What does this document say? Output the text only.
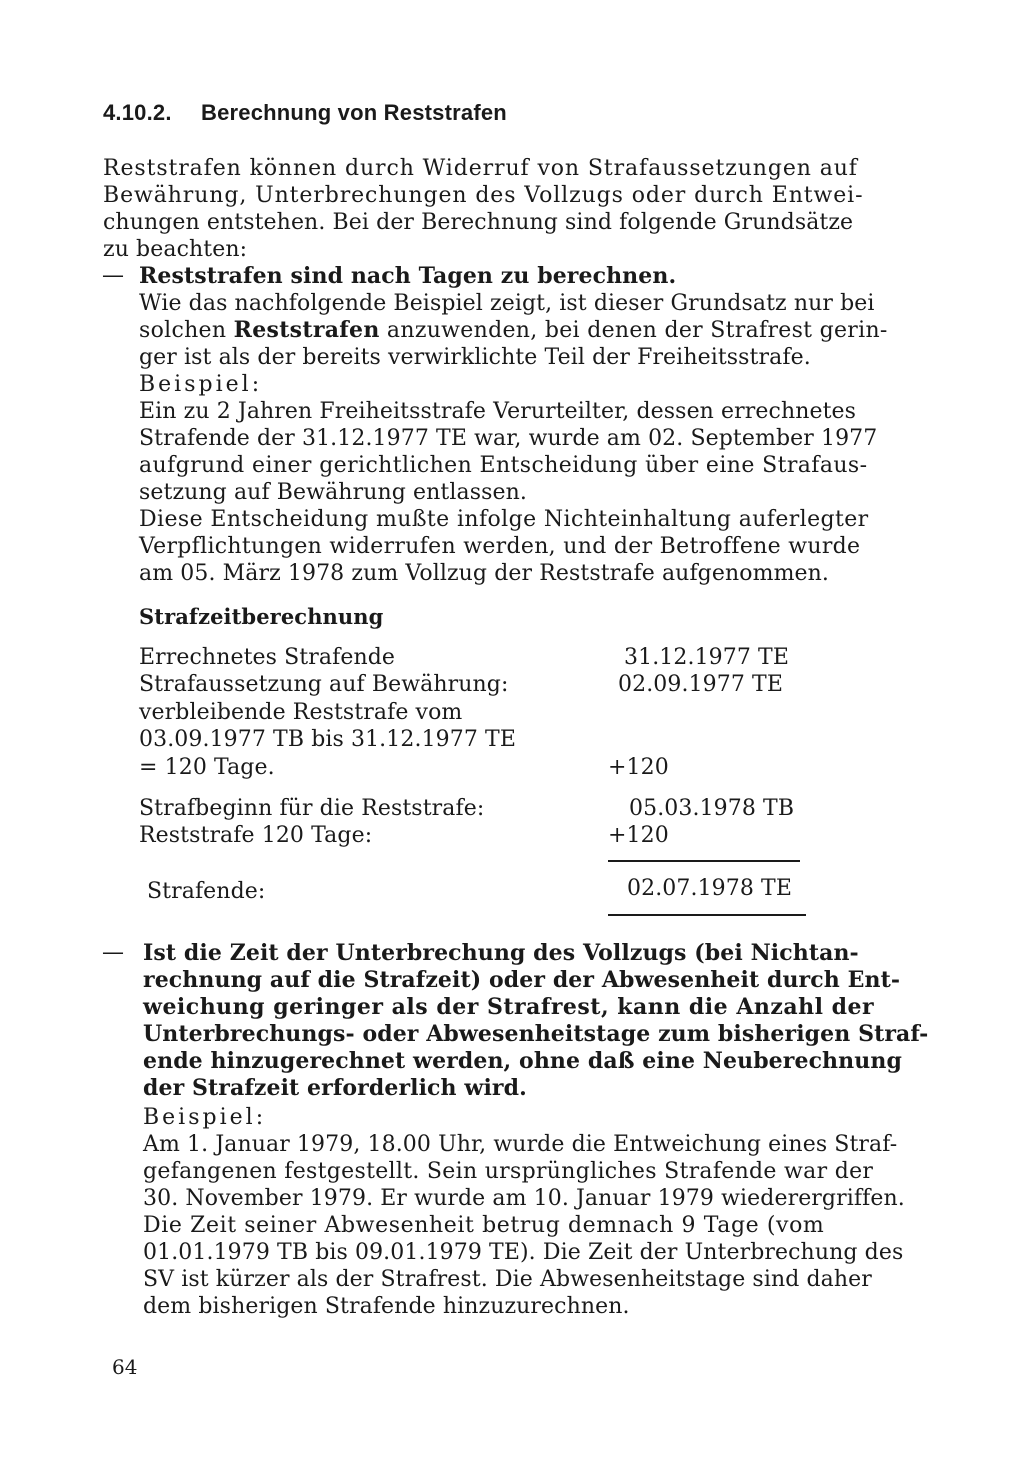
4.10.2. Berechnung von Reststrafen
Reststrafen können durch Widerruf von Strafaussetzungen auf
Bewährung, Unterbrechungen des Vollzugs oder durch Entwei-
chungen entstehen. Bei der Berechnung sind folgende Grundsätze
zu beachten:
— Reststrafen sind nach Tagen zu berechnen.
Wie das nachfolgende Beispiel zeigt, ist dieser Grundsatz nur bei
solchen Reststrafen anzuwenden, bei denen der Strafrest gerin-
ger ist als der bereits verwirklichte Teil der Freiheitsstrafe.
Beispiel:
Ein zu 2 Jahren Freiheitsstrafe Verurteilter, dessen errechnetes
Strafende der 31.12.1977 TE war, wurde am 02. September 1977
aufgrund einer gerichtlichen Entscheidung über eine Strafaus-
setzung auf Bewährung entlassen.
Diese Entscheidung mußte infolge Nichteinhaltung auferlegter
Verpflichtungen widerrufen werden, und der Betroffene wurde
am 05. März 1978 zum Vollzug der Reststrafe aufgenommen.
Strafzeitberechnung
Errechnetes Strafende	31.12.1977 TE
Strafaussetzung auf Bewährung:	02.09.1977 TE
verbleibende Reststrafe vom
03.09.1977 TB bis 31.12.1977 TE
= 120 Tage.	+120
Strafbeginn für die Reststrafe:	05.03.1978 TB
Reststrafe 120 Tage:	+120
Strafende:	02.07.1978 TE
— Ist die Zeit der Unterbrechung des Vollzugs (bei Nichtan-
rechnung auf die Strafzeit) oder der Abwesenheit durch Ent-
weichung geringer als der Strafrest, kann die Anzahl der
Unterbrechungs- oder Abwesenheitstage zum bisherigen Straf-
ende hinzugerechnet werden, ohne daß eine Neuberechnung
der Strafzeit erforderlich wird.
Beispiel:
Am 1. Januar 1979, 18.00 Uhr, wurde die Entweichung eines Straf-
gefangenen festgestellt. Sein ursprüngliches Strafende war der
30. November 1979. Er wurde am 10. Januar 1979 wiederergriffen.
Die Zeit seiner Abwesenheit betrug demnach 9 Tage (vom
01.01.1979 TB bis 09.01.1979 TE). Die Zeit der Unterbrechung des
SV ist kürzer als der Strafrest. Die Abwesenheitstage sind daher
dem bisherigen Strafende hinzuzurechnen.
64
